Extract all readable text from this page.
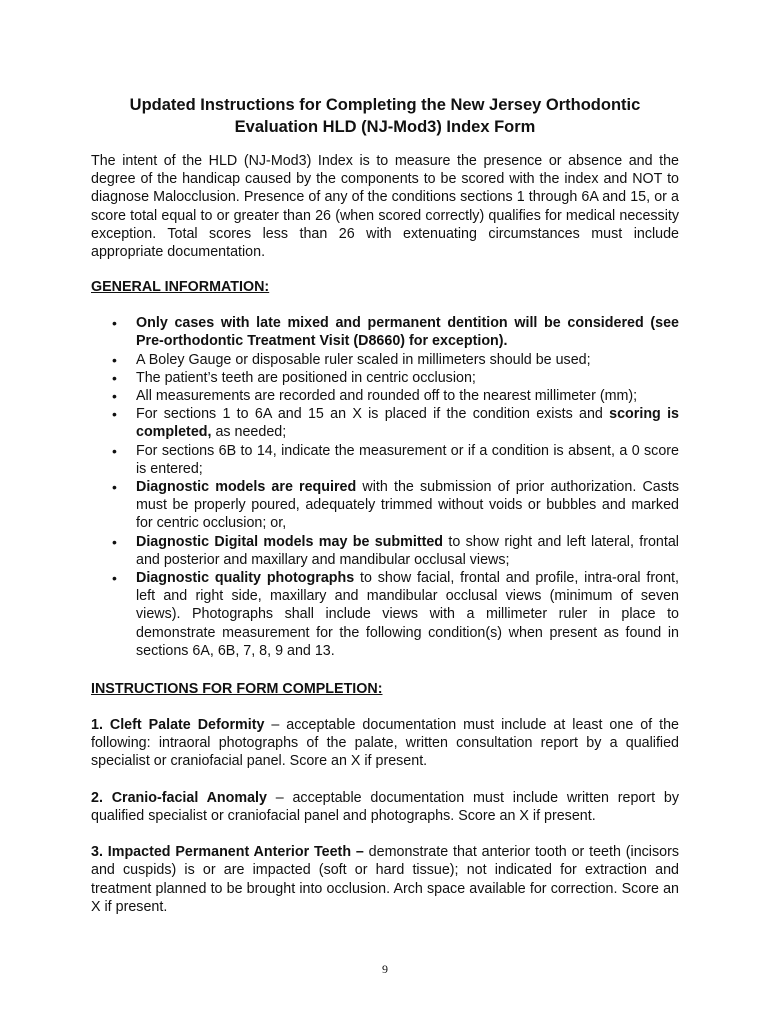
Updated Instructions for Completing the New Jersey Orthodontic
Evaluation HLD (NJ-Mod3) Index Form

The intent of the HLD (NJ-Mod3) Index is to measure the presence or absence and the degree of the handicap caused by the components to be scored with the index and NOT to diagnose Malocclusion. Presence of any of the conditions sections 1 through 6A and 15, or a score total equal to or greater than 26 (when scored correctly) qualifies for medical necessity exception. Total scores less than 26 with extenuating circumstances must include appropriate documentation.

GENERAL INFORMATION:
• Only cases with late mixed and permanent dentition will be considered (see Pre-orthodontic Treatment Visit (D8660) for exception).
• A Boley Gauge or disposable ruler scaled in millimeters should be used;
• The patient’s teeth are positioned in centric occlusion;
• All measurements are recorded and rounded off to the nearest millimeter (mm);
• For sections 1 to 6A and 15 an X is placed if the condition exists and scoring is completed, as needed;
• For sections 6B to 14, indicate the measurement or if a condition is absent, a 0 score is entered;
• Diagnostic models are required with the submission of prior authorization. Casts must be properly poured, adequately trimmed without voids or bubbles and marked for centric occlusion; or,
• Diagnostic Digital models may be submitted to show right and left lateral, frontal and posterior and maxillary and mandibular occlusal views;
• Diagnostic quality photographs to show facial, frontal and profile, intra-oral front, left and right side, maxillary and mandibular occlusal views (minimum of seven views). Photographs shall include views with a millimeter ruler in place to demonstrate measurement for the following condition(s) when present as found in sections 6A, 6B, 7, 8, 9 and 13.
INSTRUCTIONS FOR FORM COMPLETION:

1. Cleft Palate Deformity – acceptable documentation must include at least one of the following: intraoral photographs of the palate, written consultation report by a qualified specialist or craniofacial panel. Score an X if present.

2. Cranio-facial Anomaly – acceptable documentation must include written report by qualified specialist or craniofacial panel and photographs. Score an X if present.

3. Impacted Permanent Anterior Teeth – demonstrate that anterior tooth or teeth (incisors and cuspids) is or are impacted (soft or hard tissue); not indicated for extraction and treatment planned to be brought into occlusion. Arch space available for correction. Score an X if present.

9
